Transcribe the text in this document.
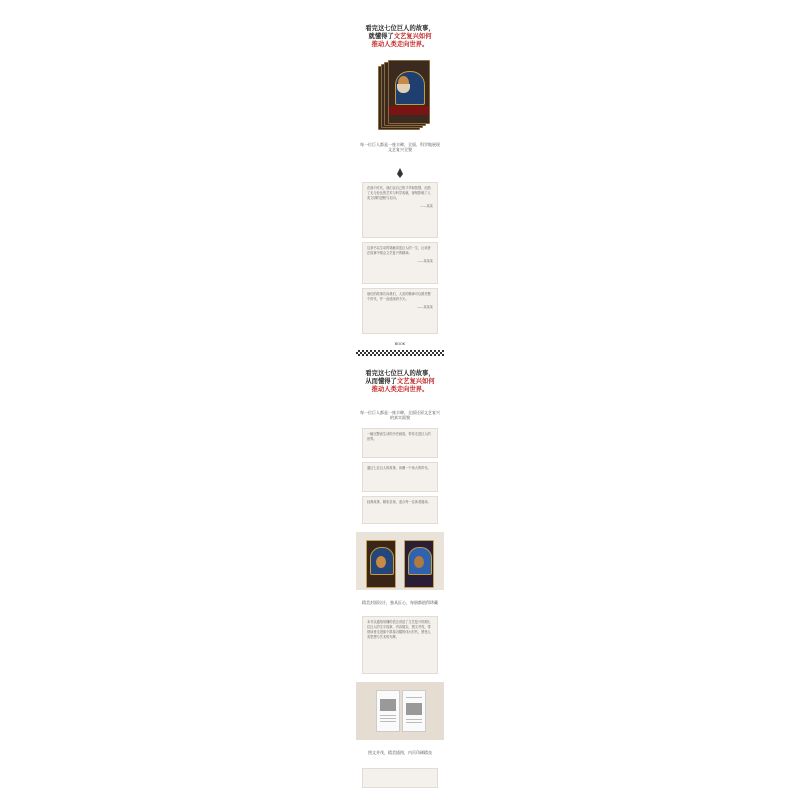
看完这七位巨人的故事，
就懂得了文艺复兴如何
推动人类走向世界。
每一位巨人都是一座丰碑，全面、科学地展现文艺复兴全貌
在那个时代，他们以自己的才华和智慧，创造了无与伦比的艺术与科学成就，深刻影响了人类文明的进程与走向。
——某某
这套书以生动的笔触讲述巨人的一生，让读者在故事中领会文艺复兴的精神。
——某某某
他们的故事告诉我们，人类的精神可以照亮整个时代，并一直延续到今天。
——某某某
BOOK
看完这七位巨人的故事，
从而懂得了文艺复兴如何
推动人类走向世界。
每一位巨人都是一座丰碑，全面还原文艺复兴的真实面貌
一幅完整而生动的历史画卷，带你走进巨人的世界。
通过七位巨人的故事，读懂一个伟大的时代。
经典故事，精彩呈现，适合每一位读者阅读。
精美封面设计，独具匠心，每册都值得珍藏
本书以通俗易懂的语言讲述了文艺复兴时期七位巨人的生平故事，内容翔实，图文并茂，带领读者走进那个群星闪耀的伟大时代，感受人类思想与艺术的光辉。
图文并茂，精美插图，内页印刷精良
